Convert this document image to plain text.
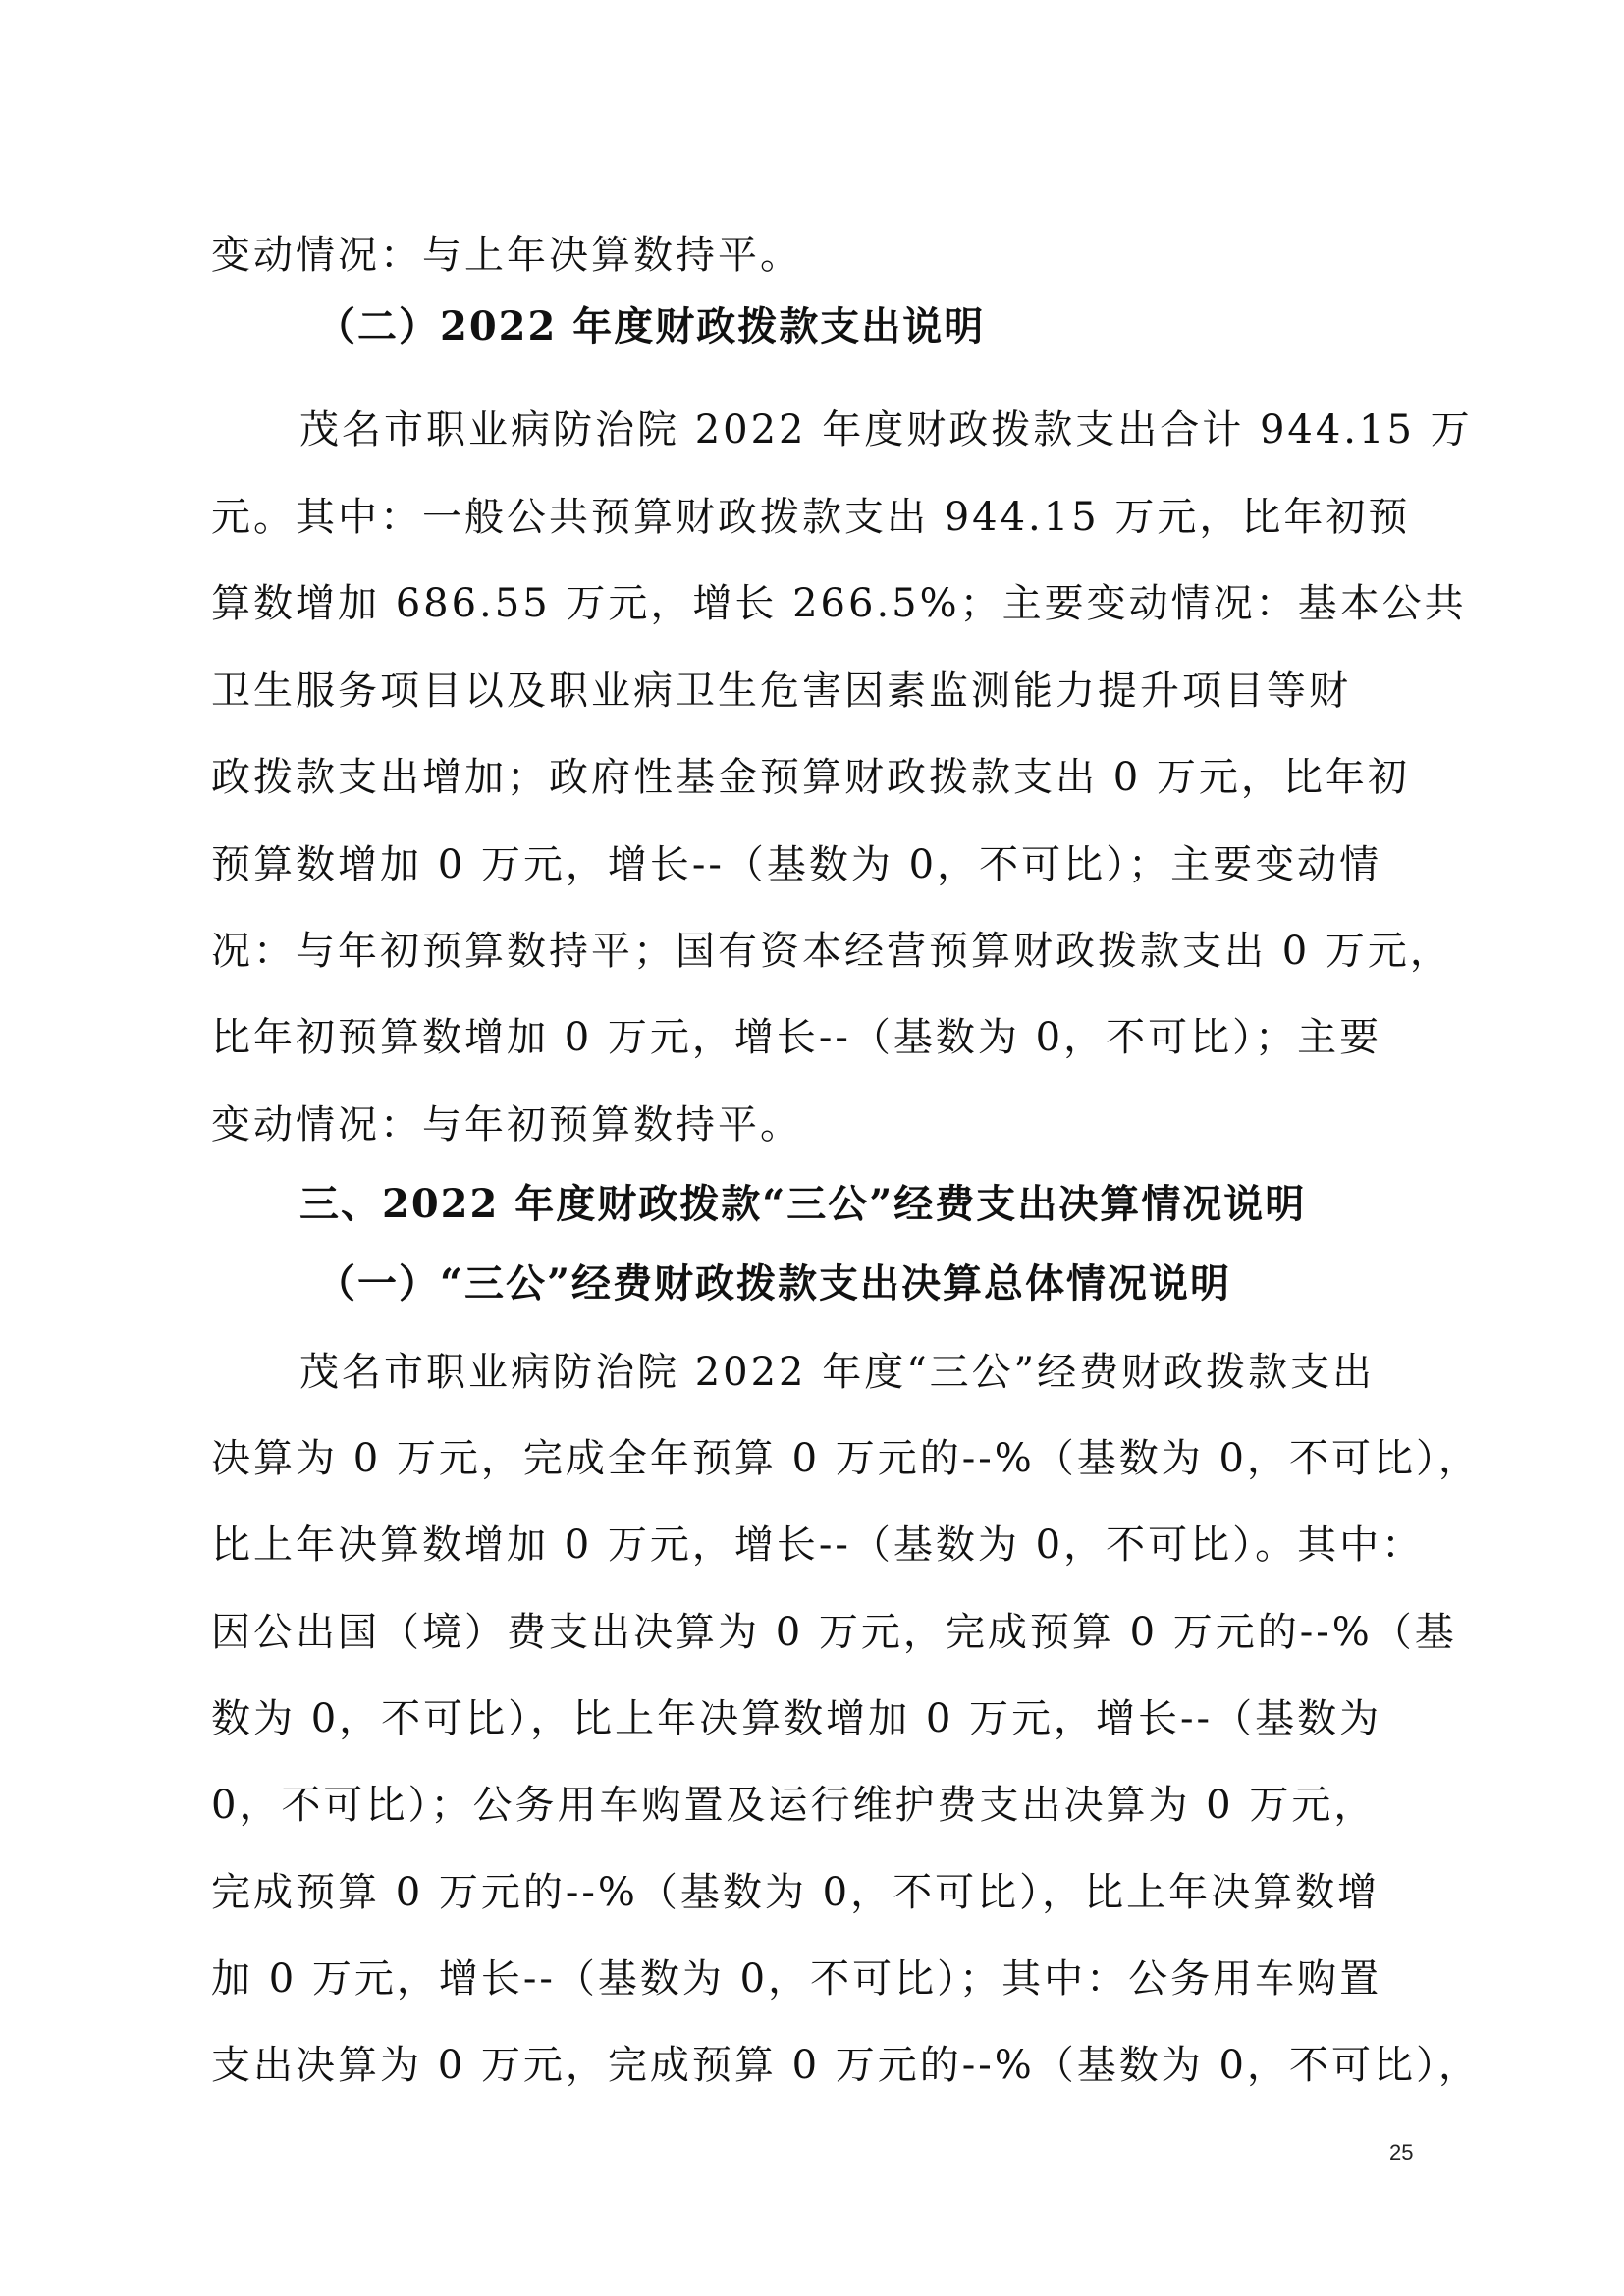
变动情况：与上年决算数持平。
（二）2022 年度财政拨款支出说明
茂名市职业病防治院 2022 年度财政拨款支出合计 944.15 万
元。其中：一般公共预算财政拨款支出 944.15 万元，比年初预
算数增加 686.55 万元，增长 266.5%；主要变动情况：基本公共
卫生服务项目以及职业病卫生危害因素监测能力提升项目等财
政拨款支出增加；政府性基金预算财政拨款支出 0 万元，比年初
预算数增加 0 万元，增长--（基数为 0，不可比）；主要变动情
况：与年初预算数持平；国有资本经营预算财政拨款支出 0 万元，
比年初预算数增加 0 万元，增长--（基数为 0，不可比）；主要
变动情况：与年初预算数持平。
三、2022 年度财政拨款“三公”经费支出决算情况说明
（一）“三公”经费财政拨款支出决算总体情况说明
茂名市职业病防治院 2022 年度“三公”经费财政拨款支出
决算为 0 万元，完成全年预算 0 万元的--%（基数为 0，不可比），
比上年决算数增加 0 万元，增长--（基数为 0，不可比）。其中：
因公出国（境）费支出决算为 0 万元，完成预算 0 万元的--%（基
数为 0，不可比），比上年决算数增加 0 万元，增长--（基数为
0，不可比）；公务用车购置及运行维护费支出决算为 0 万元，
完成预算 0 万元的--%（基数为 0，不可比），比上年决算数增
加 0 万元，增长--（基数为 0，不可比）；其中：公务用车购置
支出决算为 0 万元，完成预算 0 万元的--%（基数为 0，不可比），
25
